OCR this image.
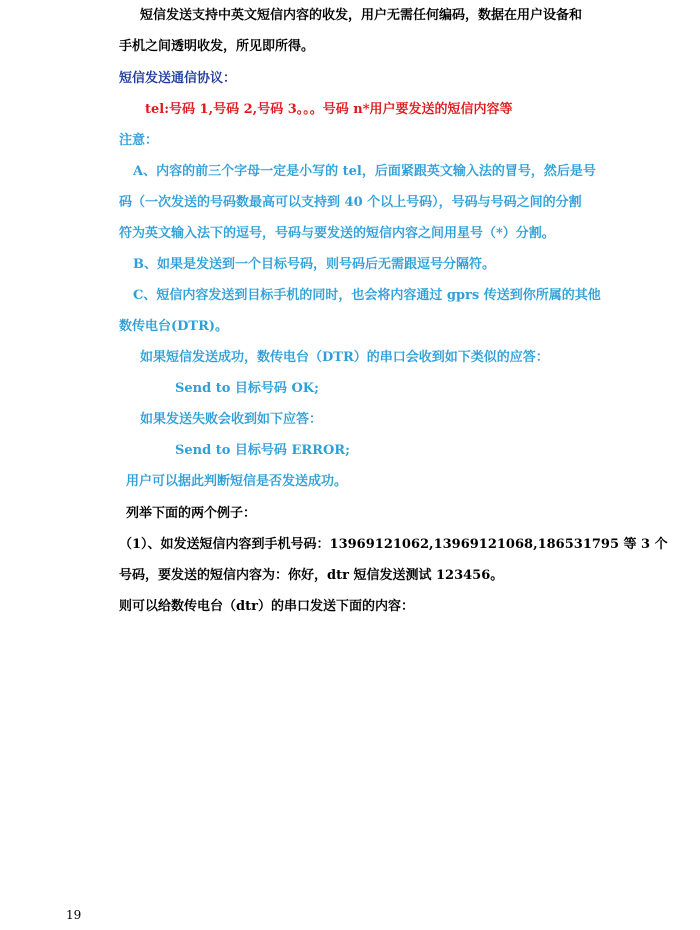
短信发送支持中英文短信内容的收发，用户无需任何编码，数据在用户设备和
手机之间透明收发，所见即所得。
短信发送通信协议：
tel:号码 1,号码 2,号码 3。。。号码 n*用户要发送的短信内容等
注意：
A、内容的前三个字母一定是小写的 tel，后面紧跟英文输入法的冒号，然后是号
码（一次发送的号码数最高可以支持到 40 个以上号码），号码与号码之间的分割
符为英文输入法下的逗号，号码与要发送的短信内容之间用星号（*）分割。
B、如果是发送到一个目标号码，则号码后无需跟逗号分隔符。
C、短信内容发送到目标手机的同时，也会将内容通过 gprs 传送到你所属的其他
数传电台(DTR)。
如果短信发送成功，数传电台（DTR）的串口会收到如下类似的应答：
Send to 目标号码 OK;
如果发送失败会收到如下应答：
Send to 目标号码 ERROR;
用户可以据此判断短信是否发送成功。
列举下面的两个例子：
（1）、如发送短信内容到手机号码：13969121062,13969121068,186531795 等 3 个
号码，要发送的短信内容为：你好，dtr 短信发送测试 123456。
则可以给数传电台（dtr）的串口发送下面的内容：
19
